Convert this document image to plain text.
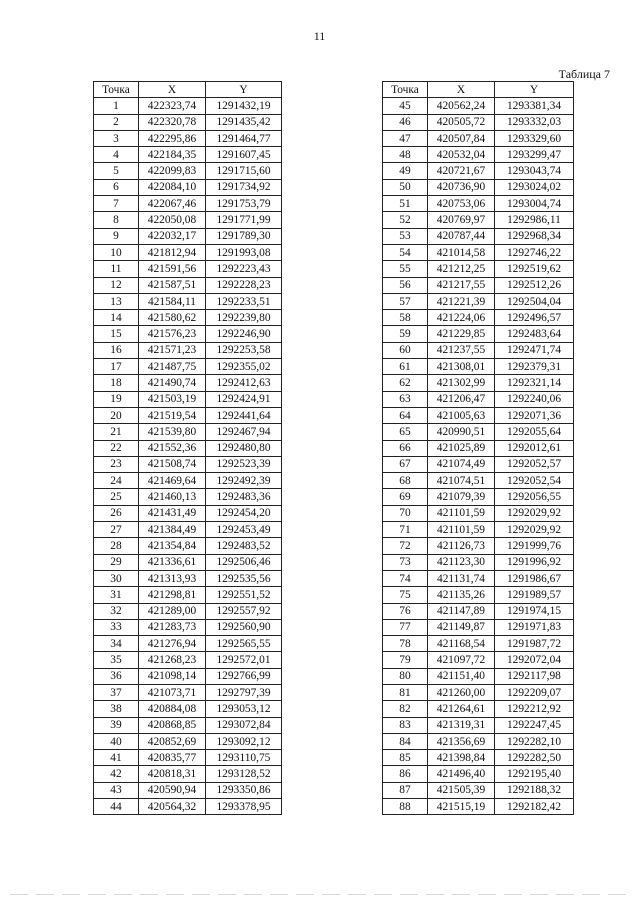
11
Таблица 7
Точка	X	Y
1	422323,74	1291432,19
2	422320,78	1291435,42
3	422295,86	1291464,77
4	422184,35	1291607,45
5	422099,83	1291715,60
6	422084,10	1291734,92
7	422067,46	1291753,79
8	422050,08	1291771,99
9	422032,17	1291789,30
10	421812,94	1291993,08
11	421591,56	1292223,43
12	421587,51	1292228,23
13	421584,11	1292233,51
14	421580,62	1292239,80
15	421576,23	1292246,90
16	421571,23	1292253,58
17	421487,75	1292355,02
18	421490,74	1292412,63
19	421503,19	1292424,91
20	421519,54	1292441,64
21	421539,80	1292467,94
22	421552,36	1292480,80
23	421508,74	1292523,39
24	421469,64	1292492,39
25	421460,13	1292483,36
26	421431,49	1292454,20
27	421384,49	1292453,49
28	421354,84	1292483,52
29	421336,61	1292506,46
30	421313,93	1292535,56
31	421298,81	1292551,52
32	421289,00	1292557,92
33	421283,73	1292560,90
34	421276,94	1292565,55
35	421268,23	1292572,01
36	421098,14	1292766,99
37	421073,71	1292797,39
38	420884,08	1293053,12
39	420868,85	1293072,84
40	420852,69	1293092,12
41	420835,77	1293110,75
42	420818,31	1293128,52
43	420590,94	1293350,86
44	420564,32	1293378,95
Точка	X	Y
45	420562,24	1293381,34
46	420505,72	1293332,03
47	420507,84	1293329,60
48	420532,04	1293299,47
49	420721,67	1293043,74
50	420736,90	1293024,02
51	420753,06	1293004,74
52	420769,97	1292986,11
53	420787,44	1292968,34
54	421014,58	1292746,22
55	421212,25	1292519,62
56	421217,55	1292512,26
57	421221,39	1292504,04
58	421224,06	1292496,57
59	421229,85	1292483,64
60	421237,55	1292471,74
61	421308,01	1292379,31
62	421302,99	1292321,14
63	421206,47	1292240,06
64	421005,63	1292071,36
65	420990,51	1292055,64
66	421025,89	1292012,61
67	421074,49	1292052,57
68	421074,51	1292052,54
69	421079,39	1292056,55
70	421101,59	1292029,92
71	421101,59	1292029,92
72	421126,73	1291999,76
73	421123,30	1291996,92
74	421131,74	1291986,67
75	421135,26	1291989,57
76	421147,89	1291974,15
77	421149,87	1291971,83
78	421168,54	1291987,72
79	421097,72	1292072,04
80	421151,40	1292117,98
81	421260,00	1292209,07
82	421264,61	1292212,92
83	421319,31	1292247,45
84	421356,69	1292282,10
85	421398,84	1292282,50
86	421496,40	1292195,40
87	421505,39	1292188,32
88	421515,19	1292182,42
